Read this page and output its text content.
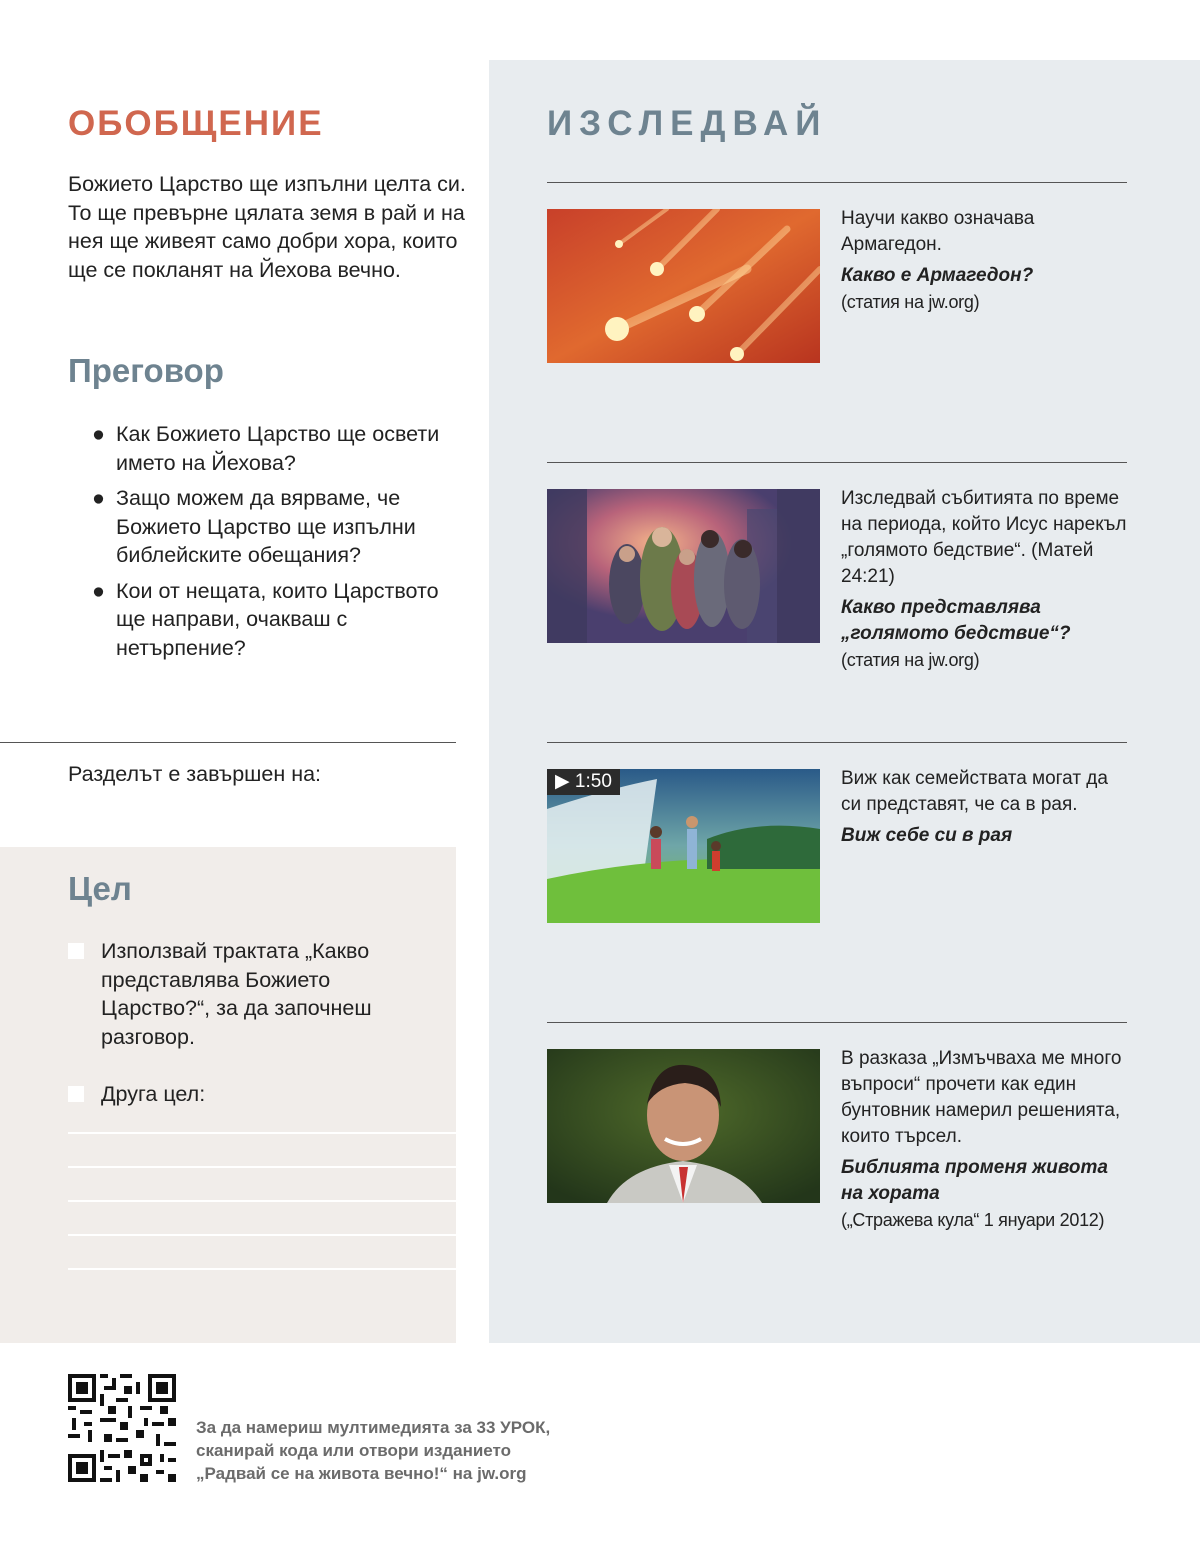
ОБОБЩЕНИЕ

Божието Царство ще изпълни целта си. То ще превърне цялата земя в рай и на нея ще живеят само добри хора, които ще се покланят на Йехова вечно.

Преговор
● Как Божието Царство ще освети името на Йехова?
● Защо можем да вярваме, че Божието Царство ще изпълни библейските обещания?
● Кои от нещата, които Царството ще направи, очакваш с нетърпение?

Разделът е завършен на:

Цел
Използвай трактата „Какво представлява Божието Царство?“, за да започнеш разговор.
Друга цел:
ИЗСЛЕДВАЙ

Научи какво означава Армагедон.

Какво е Армагедон?

(статия на jw.org)

Изследвай събитията по време на периода, който Исус нарекъл „голямото бедствие“. (Матей 24:21)

Какво представлява „голямото бедствие“?

(статия на jw.org)

▶ 1:50	Виж как семействата могат да си представят, че са в рая.

Виж себе си в рая

В разказа „Измъчваха ме много въпроси“ прочети как един бунтовник намерил решенията, които търсел.

Библията променя живота на хората

(„Стражева кула“ 1 януари 2012)

За да намериш мултимедията за 33 УРОК,
сканирай кода или отвори изданието
„Радвай се на живота вечно!“ на jw.org
